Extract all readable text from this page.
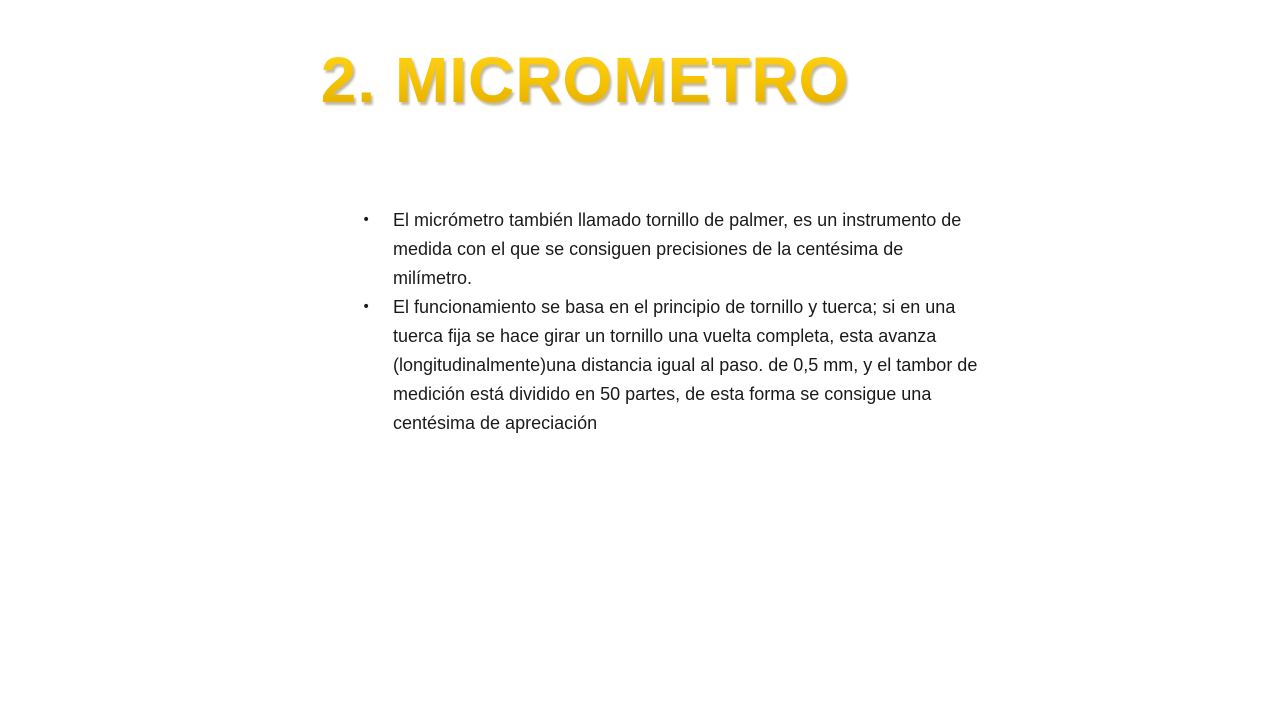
2. MICROMETRO
•	El micrómetro también llamado tornillo de palmer, es un instrumento de medida con el que se consiguen precisiones de la centésima de milímetro.
•	El funcionamiento se basa en el principio de tornillo y tuerca; si en una tuerca fija se hace girar un tornillo una vuelta completa, esta avanza (longitudinalmente)una distancia igual al paso. de 0,5 mm, y el tambor de medición está dividido en 50 partes, de esta forma se consigue una centésima de apreciación
